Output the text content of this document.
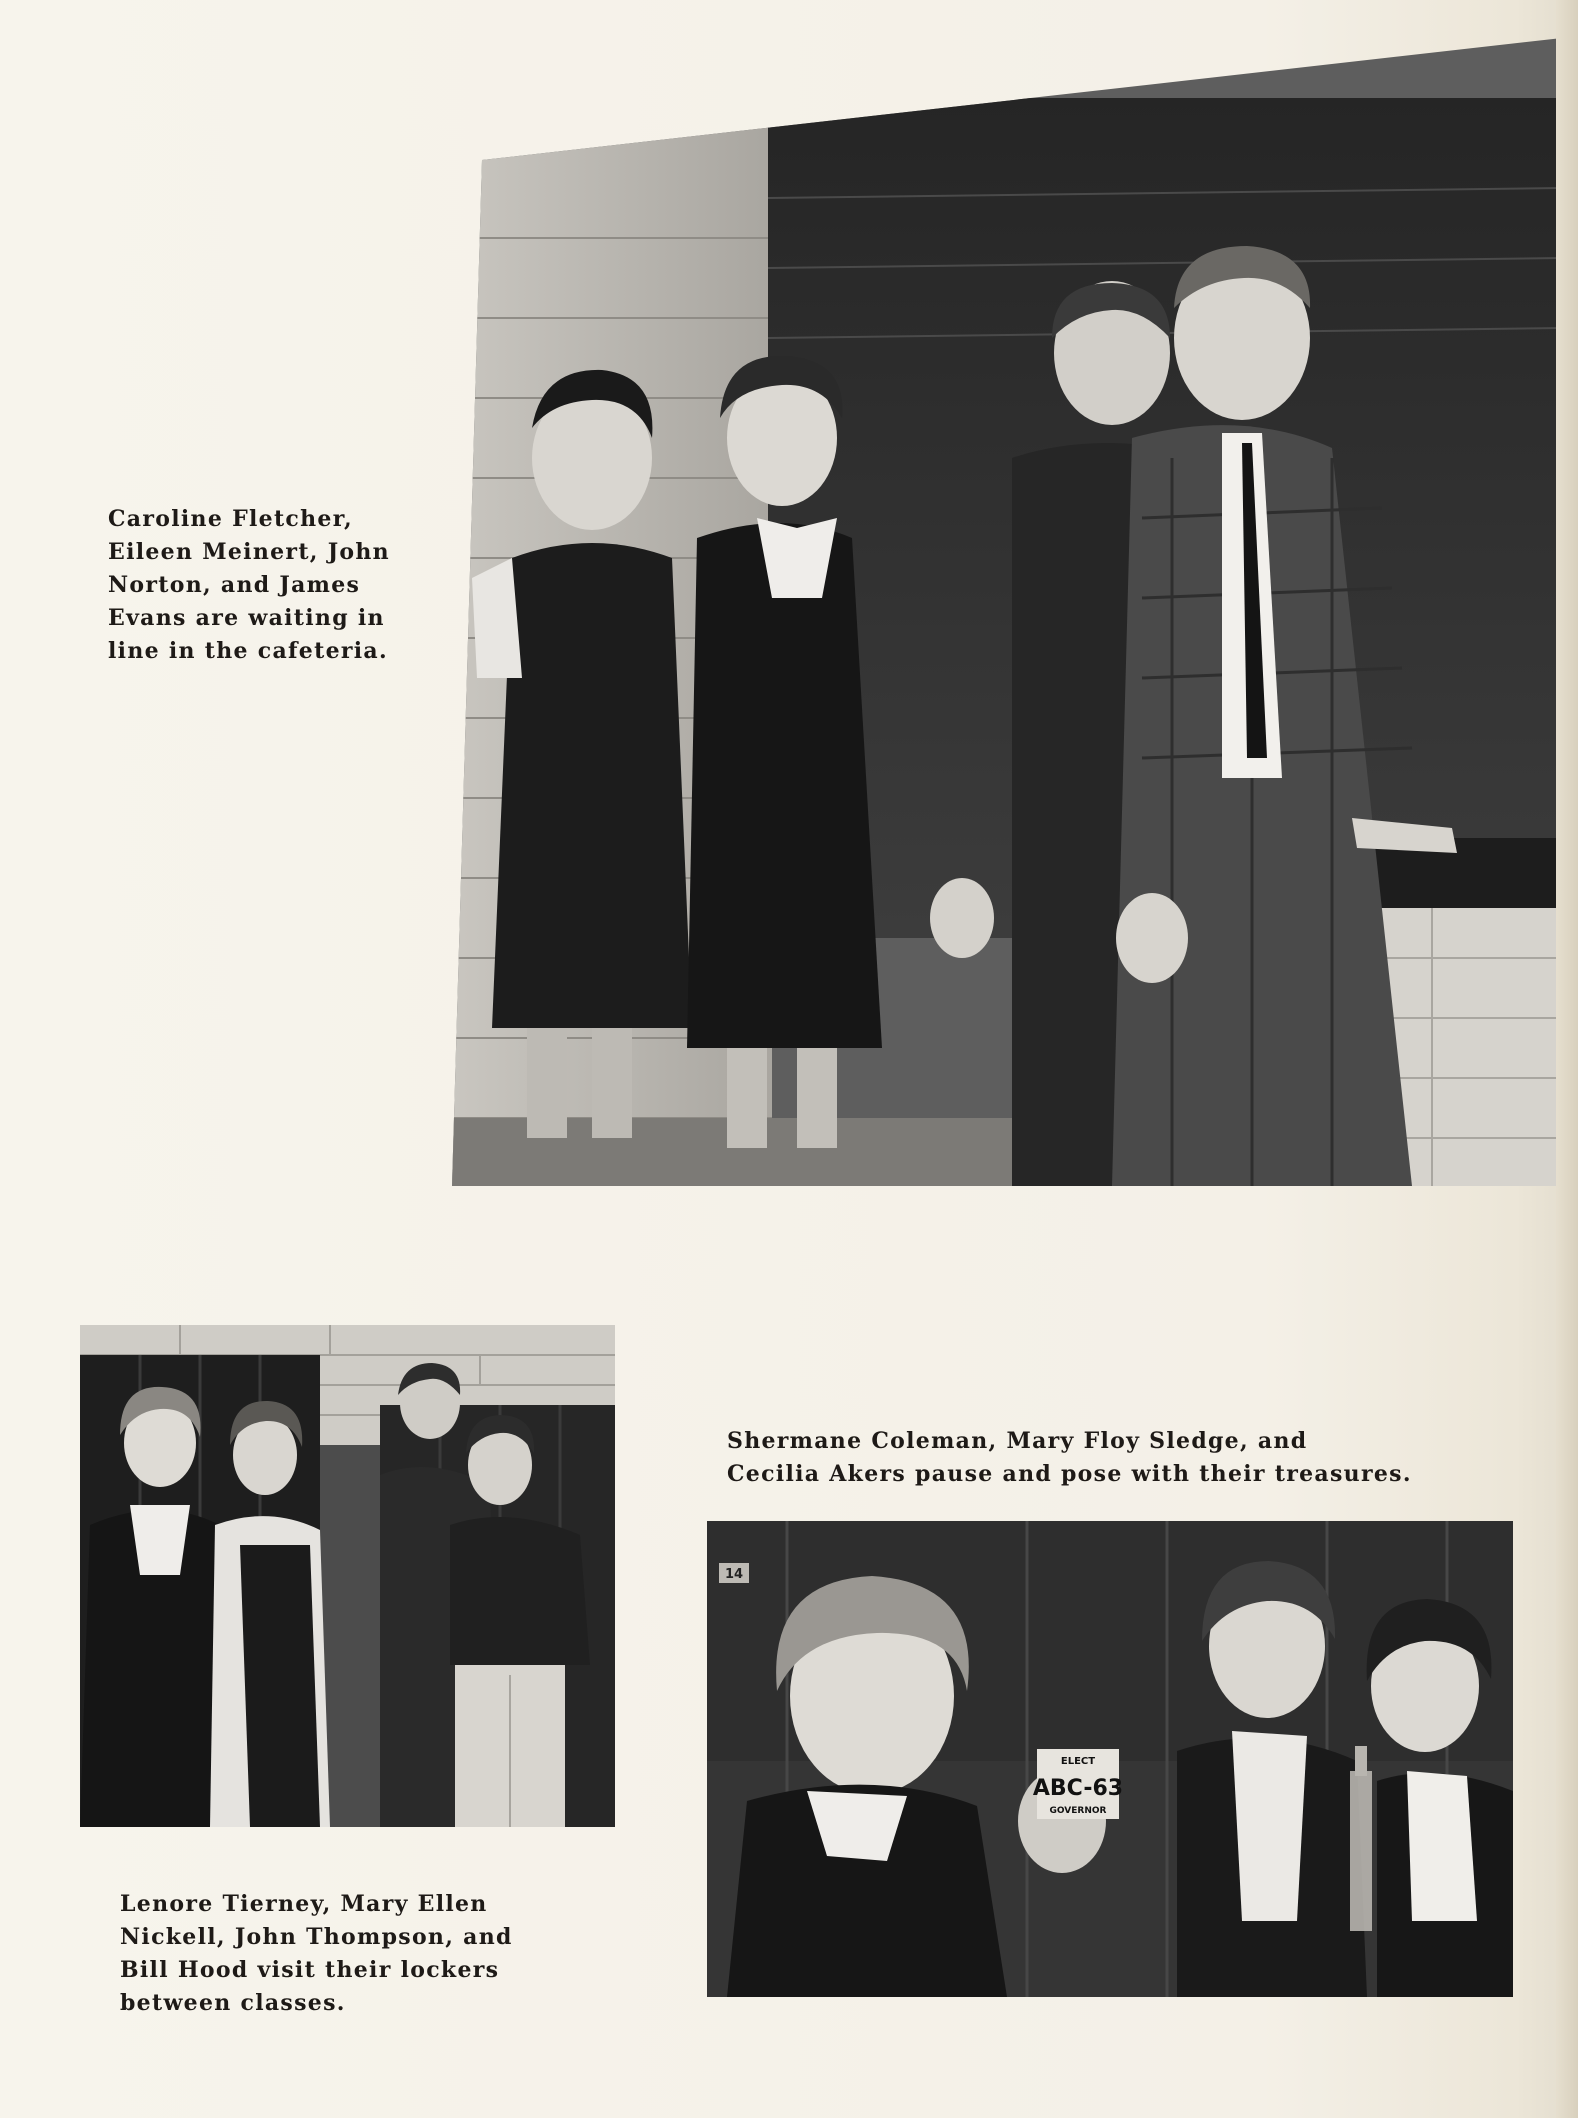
Caroline Fletcher,

Eileen Meinert, John

Norton, and James

Evans are waiting in

line in the cafeteria.

Lenore Tierney, Mary Ellen

Nickell, John Thompson, and

Bill Hood visit their lockers

between classes.

Shermane Coleman, Mary Floy Sledge, and

Cecilia Akers pause and pose with their treasures.

14
ELECT
ABC-63
GOVERNOR
